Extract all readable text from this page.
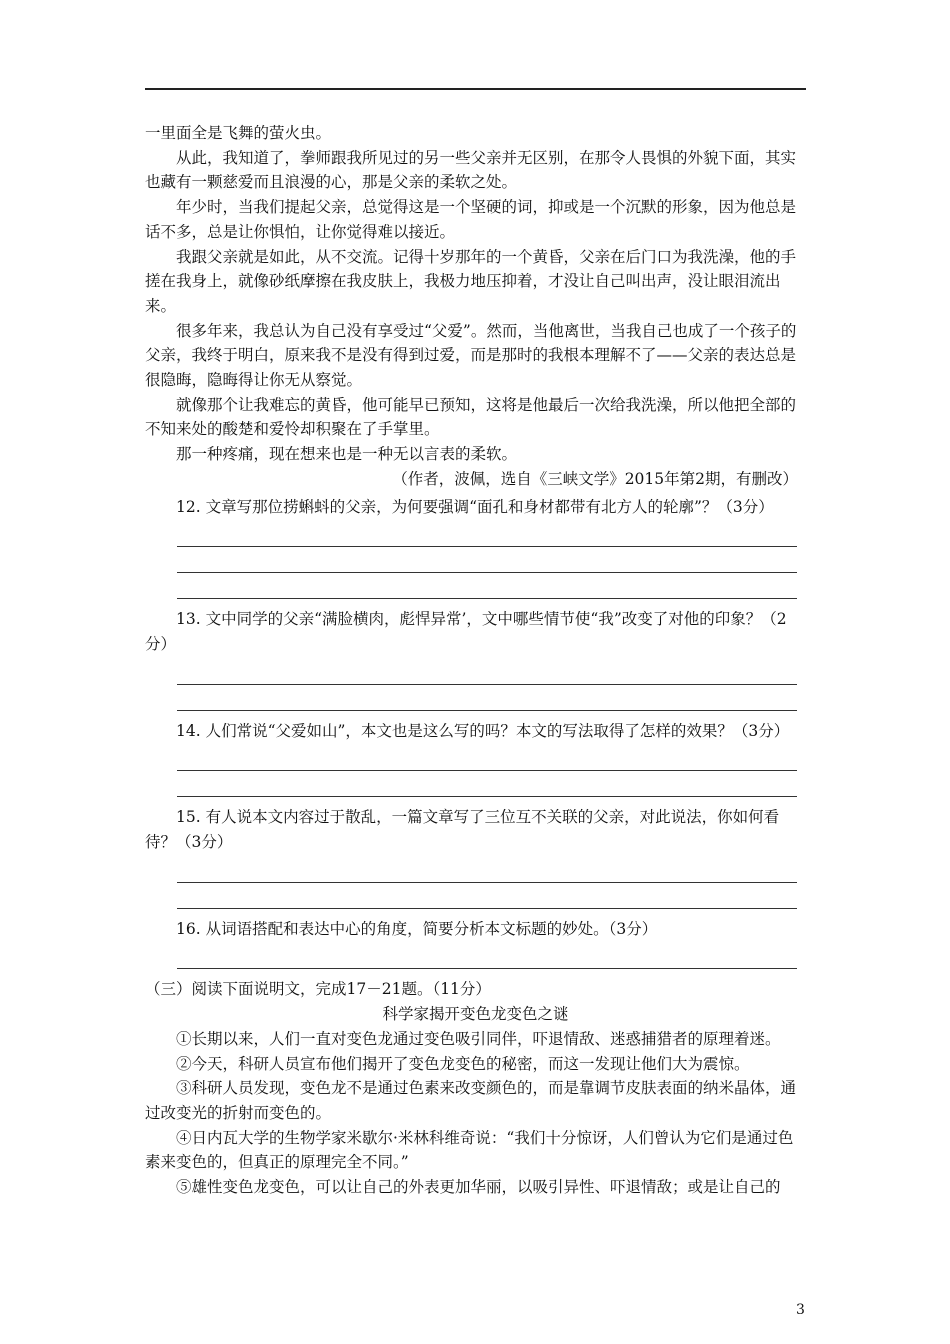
一里面全是飞舞的萤火虫。

从此，我知道了，拳师跟我所见过的另一些父亲并无区别，在那令人畏惧的外貌下面，其实也藏有一颗慈爱而且浪漫的心，那是父亲的柔软之处。

年少时，当我们提起父亲，总觉得这是一个坚硬的词，抑或是一个沉默的形象，因为他总是话不多，总是让你惧怕，让你觉得难以接近。

我跟父亲就是如此，从不交流。记得十岁那年的一个黄昏，父亲在后门口为我洗澡，他的手搓在我身上，就像砂纸摩擦在我皮肤上，我极力地压抑着，才没让自己叫出声，没让眼泪流出来。

很多年来，我总认为自己没有享受过“父爱”。然而，当他离世，当我自己也成了一个孩子的父亲，我终于明白，原来我不是没有得到过爱，而是那时的我根本理解不了——父亲的表达总是很隐晦，隐晦得让你无从察觉。

就像那个让我难忘的黄昏，他可能早已预知，这将是他最后一次给我洗澡，所以他把全部的不知来处的酸楚和爱怜却积聚在了手掌里。

那一种疼痛，现在想来也是一种无以言表的柔软。

（作者，波佩，选自《三峡文学》2015年第2期，有删改）

12. 文章写那位捞蝌蚪的父亲，为何要强调“面孔和身材都带有北方人的轮廓”？（3分）

13. 文中同学的父亲“满脸横肉，彪悍异常’，文中哪些情节使“我”改变了对他的印象？（2分）

14. 人们常说“父爱如山”，本文也是这么写的吗？本文的写法取得了怎样的效果？（3分）

15. 有人说本文内容过于散乱，一篇文章写了三位互不关联的父亲，对此说法，你如何看待？（3分）

16. 从词语搭配和表达中心的角度，简要分析本文标题的妙处。（3分）

（三）阅读下面说明文，完成17－21题。（11分）

科学家揭开变色龙变色之谜

①长期以来，人们一直对变色龙通过变色吸引同伴，吓退情敌、迷惑捕猎者的原理着迷。

②今天，科研人员宣布他们揭开了变色龙变色的秘密，而这一发现让他们大为震惊。

③科研人员发现，变色龙不是通过色素来改变颜色的，而是靠调节皮肤表面的纳米晶体，通过改变光的折射而变色的。

④日内瓦大学的生物学家米歇尔·米林科维奇说：“我们十分惊讶，人们曾认为它们是通过色素来变色的，但真正的原理完全不同。”

⑤雄性变色龙变色，可以让自己的外表更加华丽，以吸引异性、吓退情敌；或是让自己的

3
